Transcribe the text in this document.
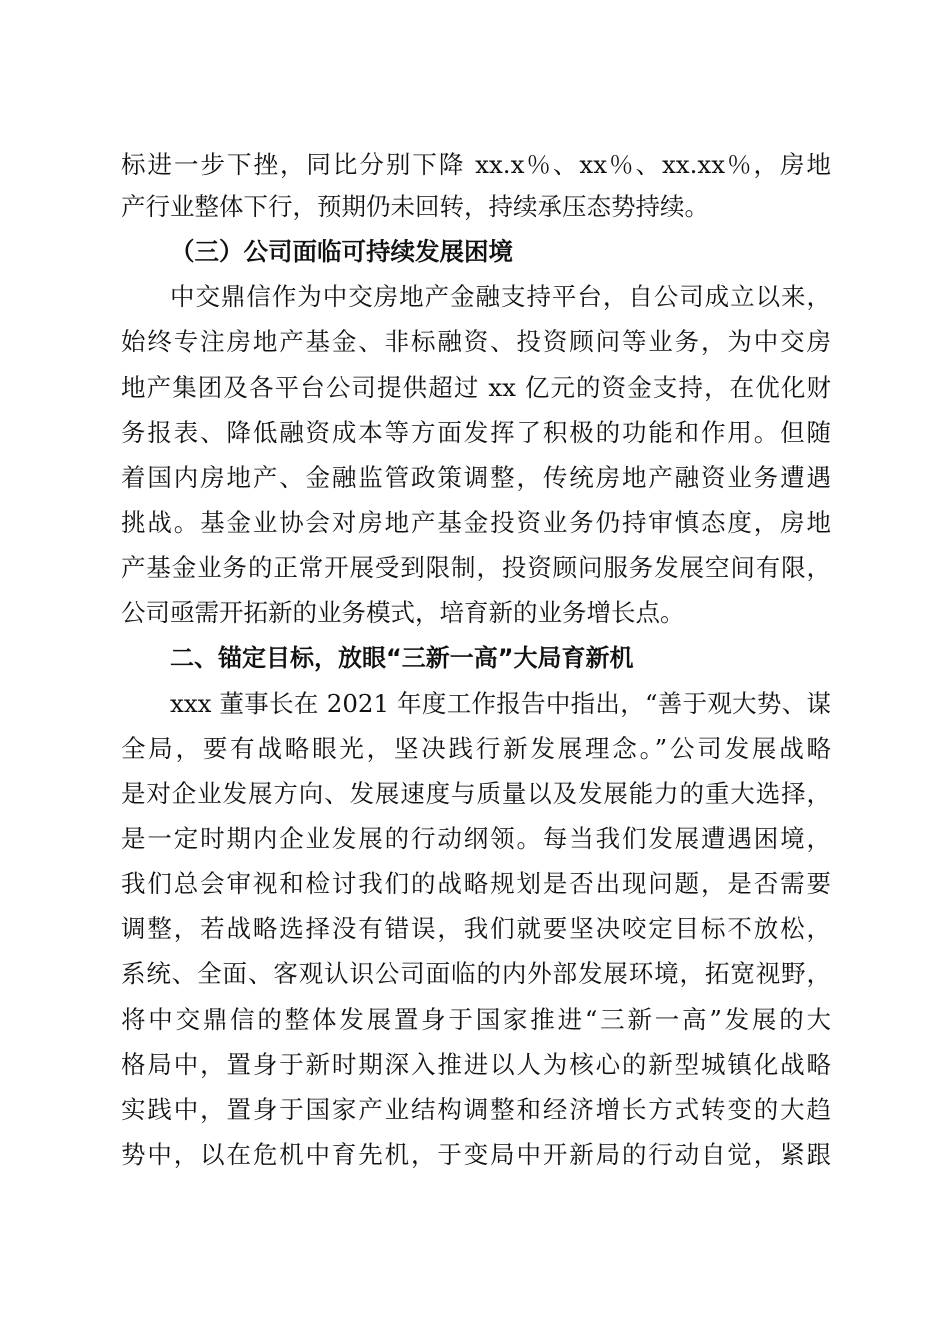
标进一步下挫，同比分别下降 xx.x％、xx％、xx.xx％，房地
产行业整体下行，预期仍未回转，持续承压态势持续。
（三）公司面临可持续发展困境
中交鼎信作为中交房地产金融支持平台，自公司成立以来，
始终专注房地产基金、非标融资、投资顾问等业务，为中交房
地产集团及各平台公司提供超过 xx 亿元的资金支持，在优化财
务报表、降低融资成本等方面发挥了积极的功能和作用。但随
着国内房地产、金融监管政策调整，传统房地产融资业务遭遇
挑战。基金业协会对房地产基金投资业务仍持审慎态度，房地
产基金业务的正常开展受到限制，投资顾问服务发展空间有限，
公司亟需开拓新的业务模式，培育新的业务增长点。
二、锚定目标，放眼“三新一高”大局育新机
xxx 董事长在 2021 年度工作报告中指出，“善于观大势、谋
全局，要有战略眼光，坚决践行新发展理念。”公司发展战略
是对企业发展方向、发展速度与质量以及发展能力的重大选择，
是一定时期内企业发展的行动纲领。每当我们发展遭遇困境，
我们总会审视和检讨我们的战略规划是否出现问题，是否需要
调整，若战略选择没有错误，我们就要坚决咬定目标不放松，
系统、全面、客观认识公司面临的内外部发展环境，拓宽视野，
将中交鼎信的整体发展置身于国家推进“三新一高”发展的大
格局中，置身于新时期深入推进以人为核心的新型城镇化战略
实践中，置身于国家产业结构调整和经济增长方式转变的大趋
势中，以在危机中育先机，于变局中开新局的行动自觉，紧跟
